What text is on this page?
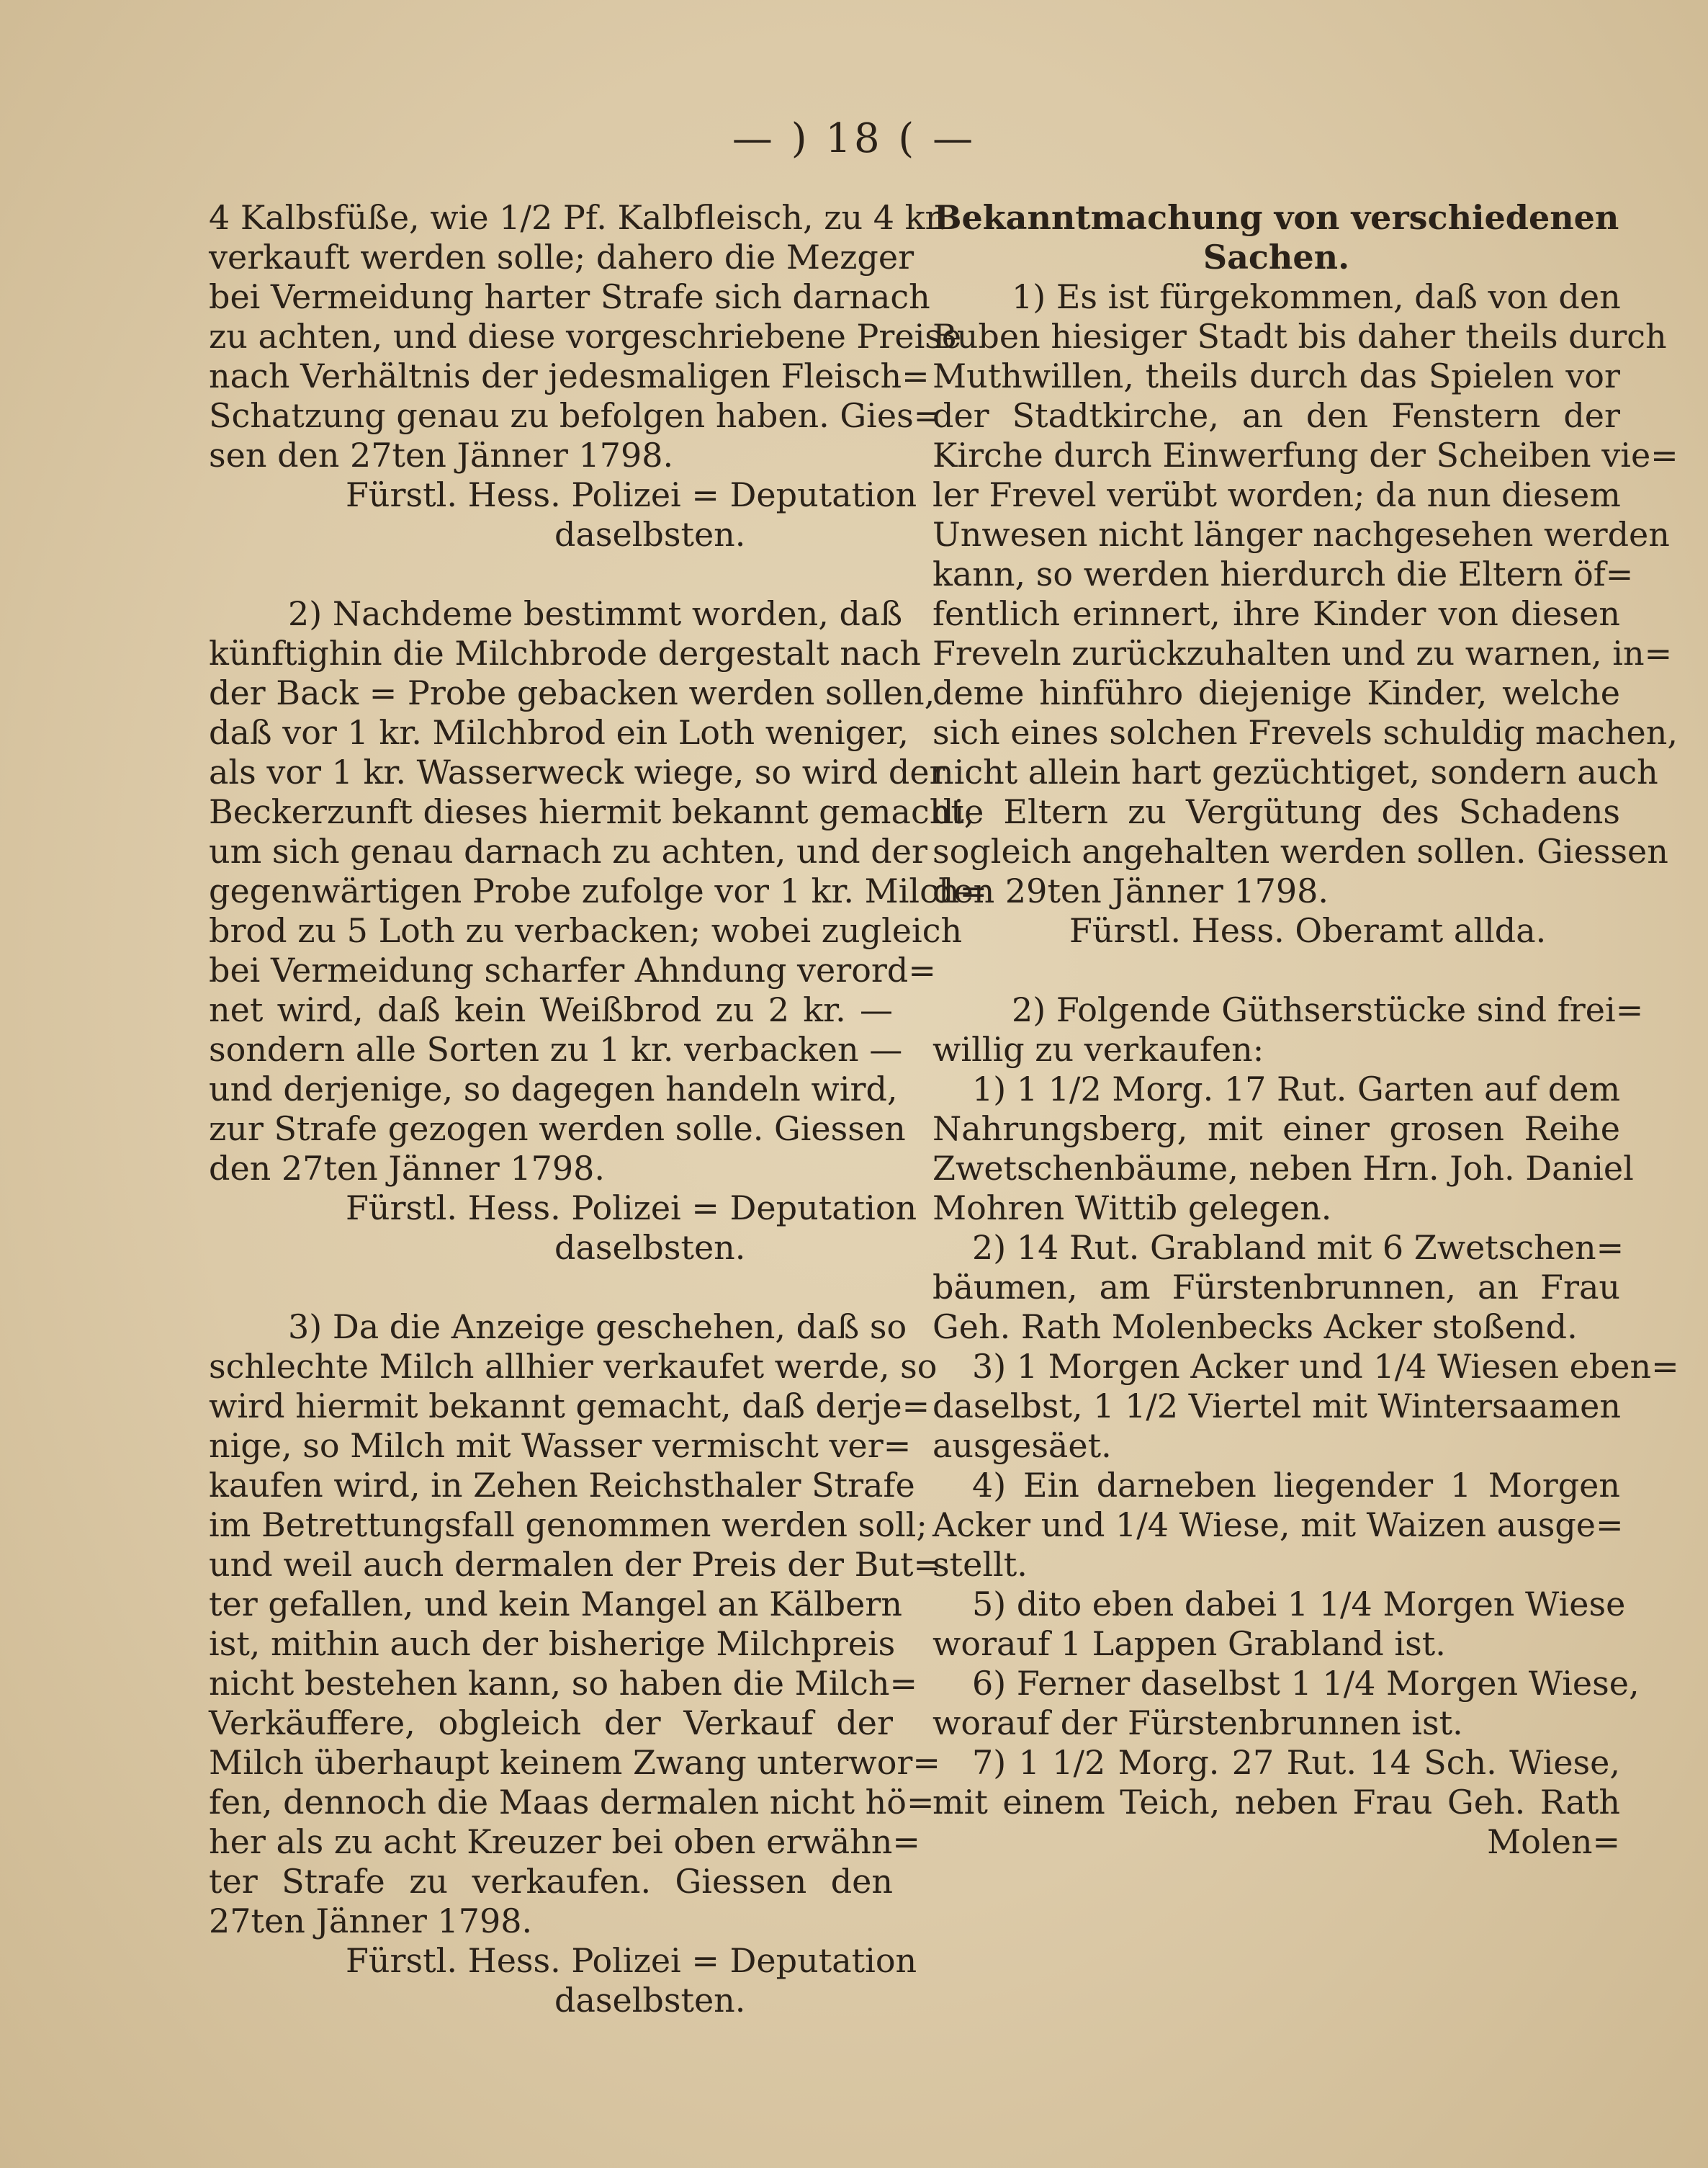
— ) 18 ( —
4 Kalbsfüße, wie 1/2 Pf. Kalbfleisch, zu 4 kr.
verkauft werden solle; dahero die Mezger
bei Vermeidung harter Strafe sich darnach
zu achten, und diese vorgeschriebene Preise
nach Verhältnis der jedesmaligen Fleisch=
Schatzung genau zu befolgen haben. Gies=
sen den 27ten Jänner 1798.
Fürstl. Hess. Polizei = Deputation
daselbsten.
2) Nachdeme bestimmt worden, daß
künftighin die Milchbrode dergestalt nach
der Back = Probe gebacken werden sollen,
daß vor 1 kr. Milchbrod ein Loth weniger,
als vor 1 kr. Wasserweck wiege, so wird der
Beckerzunft dieses hiermit bekannt gemacht,
um sich genau darnach zu achten, und der
gegenwärtigen Probe zufolge vor 1 kr. Milch=
brod zu 5 Loth zu verbacken; wobei zugleich
bei Vermeidung scharfer Ahndung verord=
net wird, daß kein Weißbrod zu 2 kr. —
sondern alle Sorten zu 1 kr. verbacken —
und derjenige, so dagegen handeln wird,
zur Strafe gezogen werden solle. Giessen
den 27ten Jänner 1798.
Fürstl. Hess. Polizei = Deputation
daselbsten.
3) Da die Anzeige geschehen, daß so
schlechte Milch allhier verkaufet werde, so
wird hiermit bekannt gemacht, daß derje=
nige, so Milch mit Wasser vermischt ver=
kaufen wird, in Zehen Reichsthaler Strafe
im Betrettungsfall genommen werden soll;
und weil auch dermalen der Preis der But=
ter gefallen, und kein Mangel an Kälbern
ist, mithin auch der bisherige Milchpreis
nicht bestehen kann, so haben die Milch=
Verkäuffere, obgleich der Verkauf der
Milch überhaupt keinem Zwang unterwor=
fen, dennoch die Maas dermalen nicht hö=
her als zu acht Kreuzer bei oben erwähn=
ter Strafe zu verkaufen. Giessen den
27ten Jänner 1798.
Fürstl. Hess. Polizei = Deputation
daselbsten.
Bekanntmachung von verschiedenen
Sachen.
1) Es ist fürgekommen, daß von den
Buben hiesiger Stadt bis daher theils durch
Muthwillen, theils durch das Spielen vor
der Stadtkirche, an den Fenstern der
Kirche durch Einwerfung der Scheiben vie=
ler Frevel verübt worden; da nun diesem
Unwesen nicht länger nachgesehen werden
kann, so werden hierdurch die Eltern öf=
fentlich erinnert, ihre Kinder von diesen
Freveln zurückzuhalten und zu warnen, in=
deme hinführo diejenige Kinder, welche
sich eines solchen Frevels schuldig machen,
nicht allein hart gezüchtiget, sondern auch
die Eltern zu Vergütung des Schadens
sogleich angehalten werden sollen. Giessen
den 29ten Jänner 1798.
Fürstl. Hess. Oberamt allda.
2) Folgende Güthserstücke sind frei=
willig zu verkaufen:
1) 1 1/2 Morg. 17 Rut. Garten auf dem
Nahrungsberg, mit einer grosen Reihe
Zwetschenbäume, neben Hrn. Joh. Daniel
Mohren Wittib gelegen.
2) 14 Rut. Grabland mit 6 Zwetschen=
bäumen, am Fürstenbrunnen, an Frau
Geh. Rath Molenbecks Acker stoßend.
3) 1 Morgen Acker und 1/4 Wiesen eben=
daselbst, 1 1/2 Viertel mit Wintersaamen
ausgesäet.
4) Ein darneben liegender 1 Morgen
Acker und 1/4 Wiese, mit Waizen ausge=
stellt.
5) dito eben dabei 1 1/4 Morgen Wiese
worauf 1 Lappen Grabland ist.
6) Ferner daselbst 1 1/4 Morgen Wiese,
worauf der Fürstenbrunnen ist.
7) 1 1/2 Morg. 27 Rut. 14 Sch. Wiese,
mit einem Teich, neben Frau Geh. Rath
Molen=
